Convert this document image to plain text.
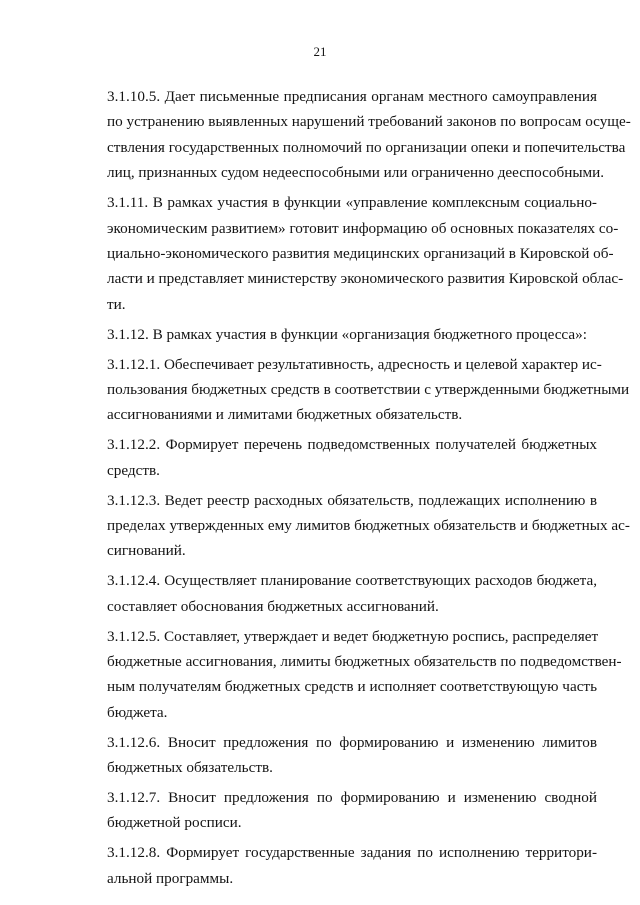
21

3.1.10.5. Дает письменные предписания органам местного самоуправления
по устранению выявленных нарушений требований законов по вопросам осуще-
ствления государственных полномочий по организации опеки и попечительства
лиц, признанных судом недееспособными или ограниченно дееспособными.

3.1.11. В рамках участия в функции «управление комплексным социально-
экономическим развитием» готовит информацию об основных показателях со-
циально-экономического развития медицинских организаций в Кировской об-
ласти и представляет министерству экономического развития Кировской облас-
ти.

3.1.12. В рамках участия в функции «организация бюджетного процесса»:

3.1.12.1. Обеспечивает результативность, адресность и целевой характер ис-
пользования бюджетных средств в соответствии с утвержденными бюджетными
ассигнованиями и лимитами бюджетных обязательств.

3.1.12.2. Формирует перечень подведомственных получателей бюджетных
средств.

3.1.12.3. Ведет реестр расходных обязательств, подлежащих исполнению в
пределах утвержденных ему лимитов бюджетных обязательств и бюджетных ас-
сигнований.

3.1.12.4. Осуществляет планирование соответствующих расходов бюджета,
составляет обоснования бюджетных ассигнований.

3.1.12.5. Составляет, утверждает и ведет бюджетную роспись, распределяет
бюджетные ассигнования, лимиты бюджетных обязательств по подведомствен-
ным получателям бюджетных средств и исполняет соответствующую часть
бюджета.

3.1.12.6. Вносит предложения по формированию и изменению лимитов
бюджетных обязательств.

3.1.12.7. Вносит предложения по формированию и изменению сводной
бюджетной росписи.

3.1.12.8. Формирует государственные задания по исполнению территори-
альной программы.
